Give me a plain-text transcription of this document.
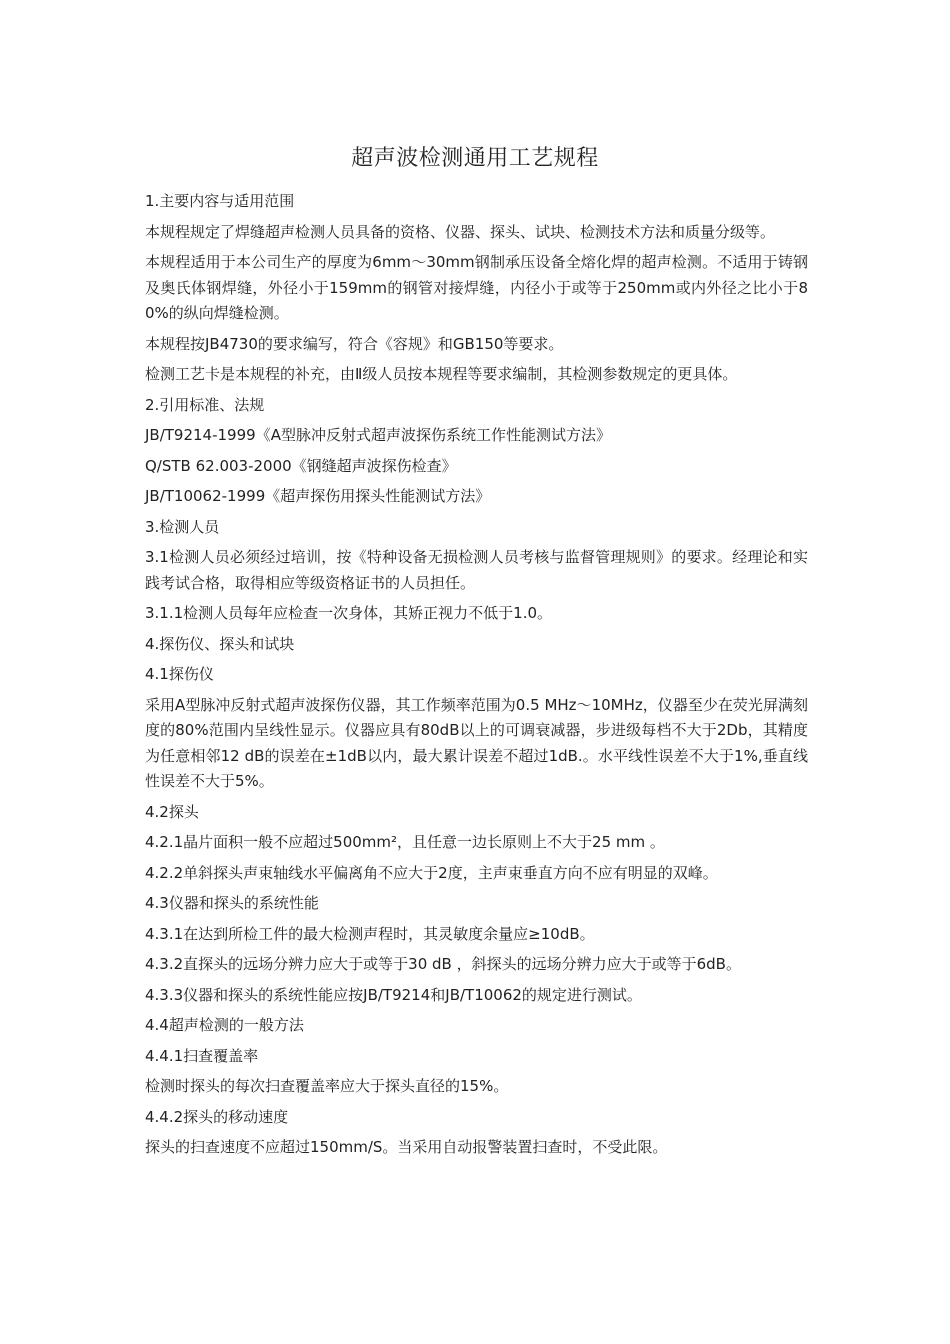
超声波检测通用工艺规程

1.主要内容与适用范围

本规程规定了焊缝超声检测人员具备的资格、仪器、探头、试块、检测技术方法和质量分级等。

本规程适用于本公司生产的厚度为6mm～30mm钢制承压设备全熔化焊的超声检测。不适用于铸钢及奥氏体钢焊缝，外径小于159mm的钢管对接焊缝，内径小于或等于250mm或内外径之比小于80%的纵向焊缝检测。

本规程按JB4730的要求编写，符合《容规》和GB150等要求。

检测工艺卡是本规程的补充，由Ⅱ级人员按本规程等要求编制，其检测参数规定的更具体。

2.引用标准、法规

JB/T9214-1999《A型脉冲反射式超声波探伤系统工作性能测试方法》

Q/STB 62.003-2000《钢缝超声波探伤检查》

JB/T10062-1999《超声探伤用探头性能测试方法》

3.检测人员

3.1检测人员必须经过培训，按《特种设备无损检测人员考核与监督管理规则》的要求。经理论和实践考试合格，取得相应等级资格证书的人员担任。

3.1.1检测人员每年应检查一次身体，其矫正视力不低于1.0。

4.探伤仪、探头和试块

4.1探伤仪

采用A型脉冲反射式超声波探伤仪器，其工作频率范围为0.5 MHz～10MHz，仪器至少在荧光屏满刻度的80%范围内呈线性显示。仪器应具有80dB以上的可调衰减器，步进级每档不大于2Db，其精度为任意相邻12 dB的误差在±1dB以内，最大累计误差不超过1dB.。水平线性误差不大于1%,垂直线性误差不大于5%。

4.2探头

4.2.1晶片面积一般不应超过500mm²，且任意一边长原则上不大于25 mm 。

4.2.2单斜探头声束轴线水平偏离角不应大于2度，主声束垂直方向不应有明显的双峰。

4.3仪器和探头的系统性能

4.3.1在达到所检工件的最大检测声程时，其灵敏度余量应≥10dB。

4.3.2直探头的远场分辨力应大于或等于30 dB ，斜探头的远场分辨力应大于或等于6dB。

4.3.3仪器和探头的系统性能应按JB/T9214和JB/T10062的规定进行测试。

4.4超声检测的一般方法

4.4.1扫查覆盖率

检测时探头的每次扫查覆盖率应大于探头直径的15%。

4.4.2探头的移动速度

探头的扫查速度不应超过150mm/S。当采用自动报警装置扫查时，不受此限。
